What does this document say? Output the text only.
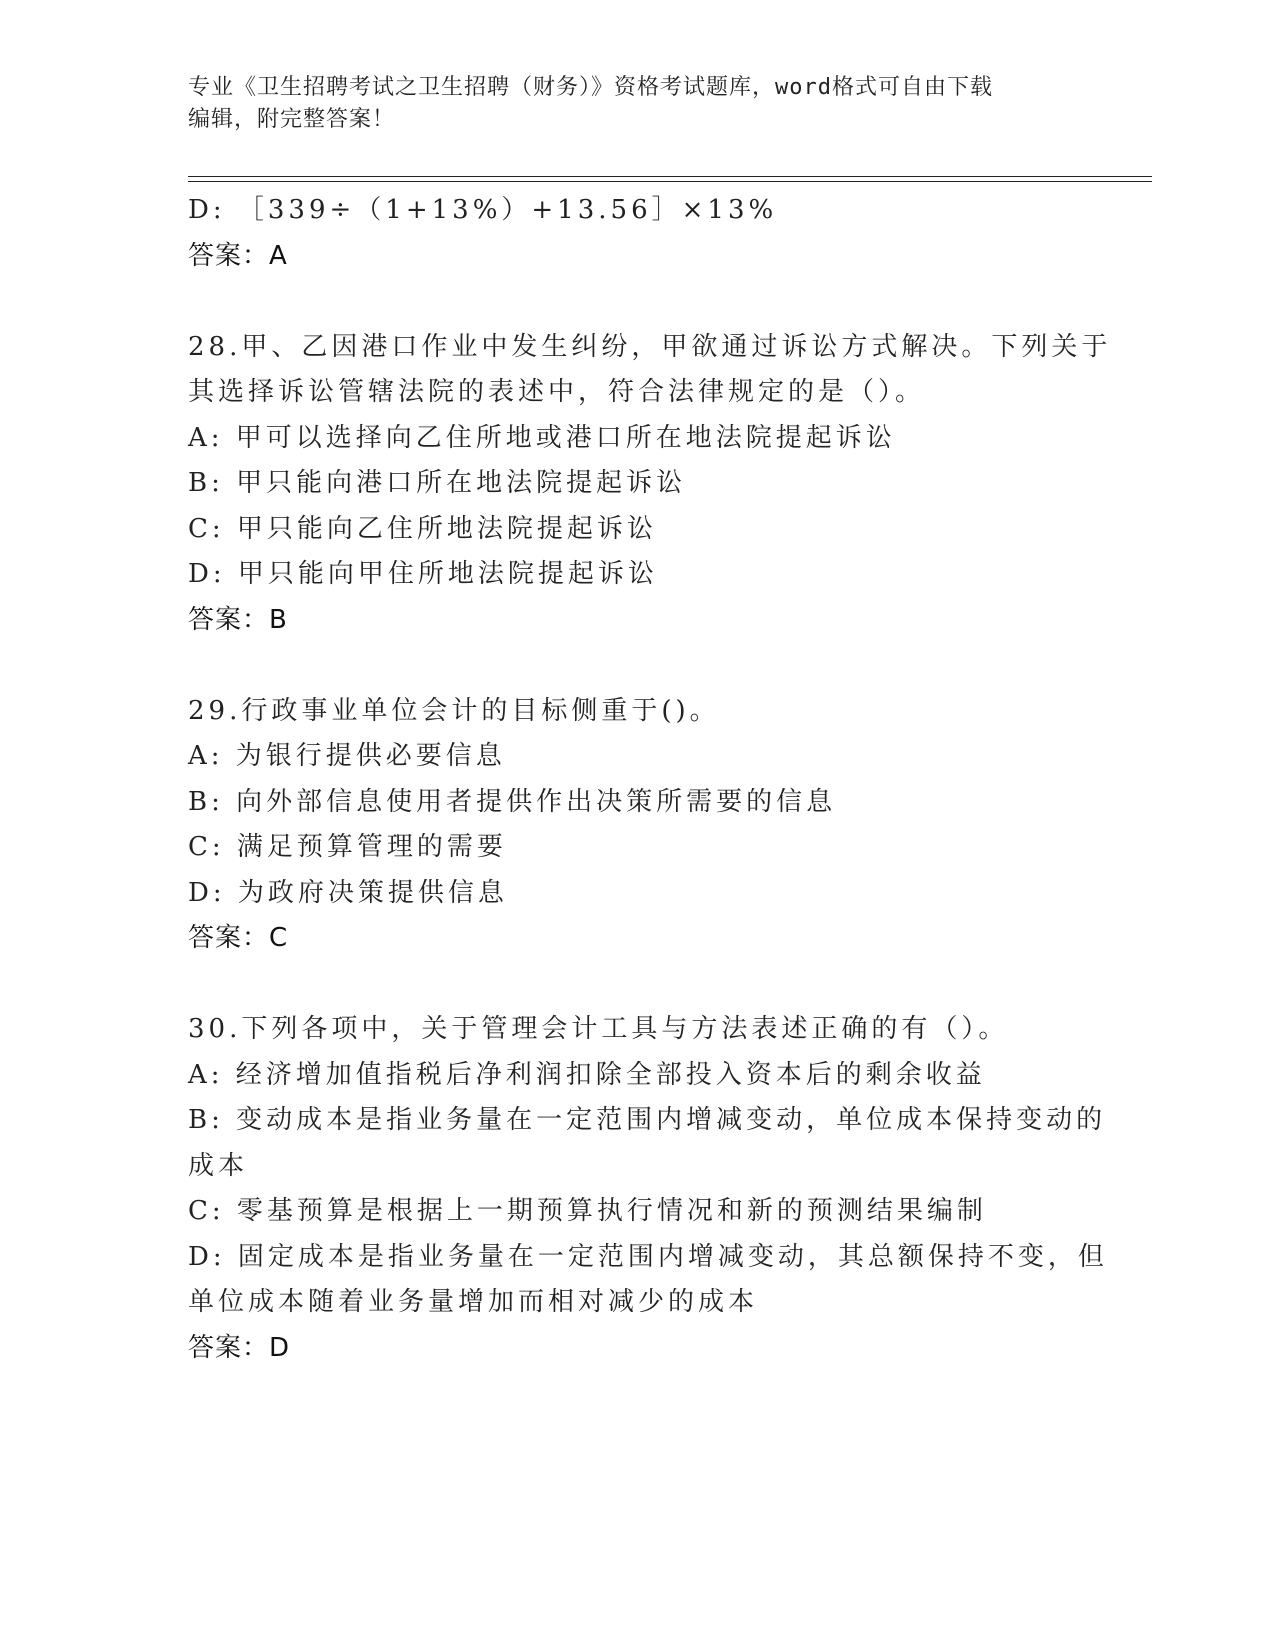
专业《卫生招聘考试之卫生招聘（财务）》资格考试题库，word格式可自由下载
编辑，附完整答案！
D: ［339÷（1+13%）+13.56］×13%
答案：A
28.甲、乙因港口作业中发生纠纷，甲欲通过诉讼方式解决。下列关于
其选择诉讼管辖法院的表述中，符合法律规定的是（）。
A: 甲可以选择向乙住所地或港口所在地法院提起诉讼
B: 甲只能向港口所在地法院提起诉讼
C: 甲只能向乙住所地法院提起诉讼
D: 甲只能向甲住所地法院提起诉讼
答案：B
29.行政事业单位会计的目标侧重于()。
A: 为银行提供必要信息
B: 向外部信息使用者提供作出决策所需要的信息
C: 满足预算管理的需要
D: 为政府决策提供信息
答案：C
30.下列各项中，关于管理会计工具与方法表述正确的有（）。
A: 经济增加值指税后净利润扣除全部投入资本后的剩余收益
B: 变动成本是指业务量在一定范围内增减变动，单位成本保持变动的
成本
C: 零基预算是根据上一期预算执行情况和新的预测结果编制
D: 固定成本是指业务量在一定范围内增减变动，其总额保持不变，但
单位成本随着业务量增加而相对减少的成本
答案：D
